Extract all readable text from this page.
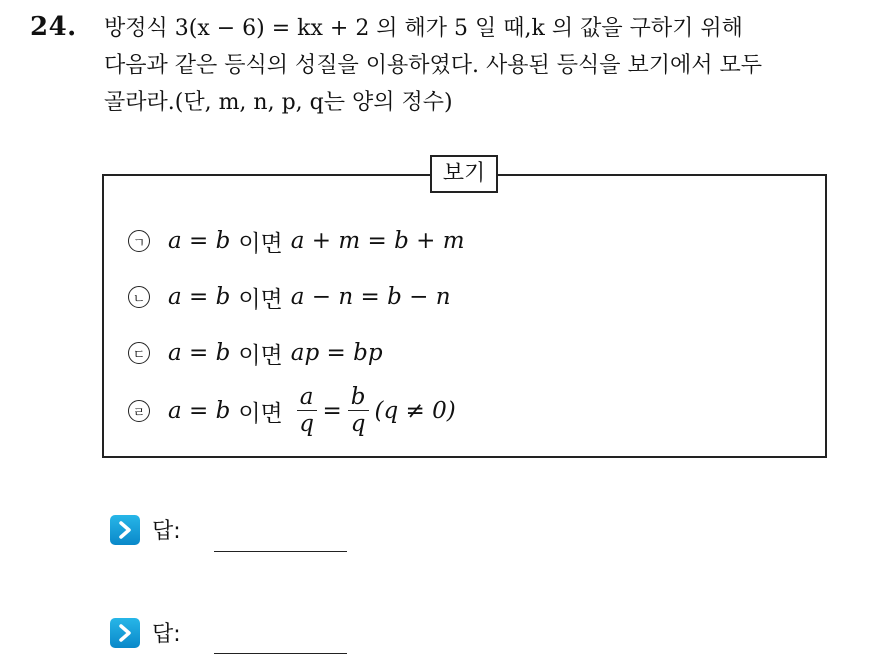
24. 방정식 3(x − 6) = kx + 2 의 해가 5 일 때,k 의 값을 구하기 위해
다음과 같은 등식의 성질을 이용하였다. 사용된 등식을 보기에서 모두
골라라.(단, m, n, p, q는 양의 정수)
보기
ㄱ a = b 이면 a + m = b + m
ㄴ a = b 이면 a − n = b − n
ㄷ a = b 이면 ap = bp
ㄹ a = b 이면 $\frac{a}{q} = \frac{b}{q} (q \ne 0)$
답:
답:
